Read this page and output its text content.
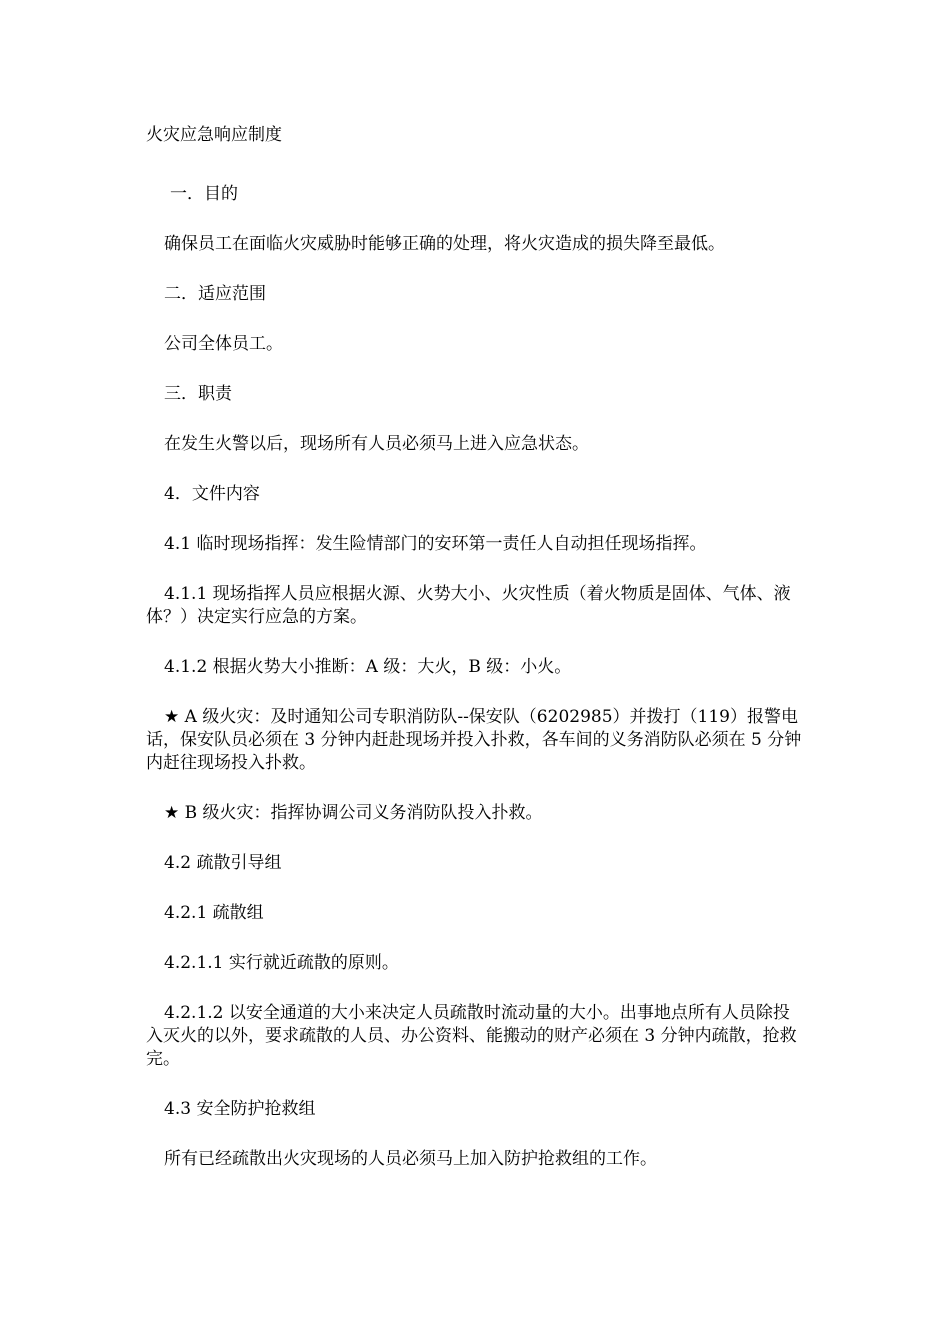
火灾应急响应制度

一．目的

确保员工在面临火灾威胁时能够正确的处理，将火灾造成的损失降至最低。

二．适应范围

公司全体员工。

三．职责

在发生火警以后，现场所有人员必须马上进入应急状态。

4．文件内容

4.1 临时现场指挥：发生险情部门的安环第一责任人自动担任现场指挥。

4.1.1 现场指挥人员应根据火源、火势大小、火灾性质（着火物质是固体、气体、液体？）决定实行应急的方案。

4.1.2 根据火势大小推断：A 级：大火，B 级：小火。

★ A 级火灾：及时通知公司专职消防队--保安队（6202985）并拨打（119）报警电话，保安队员必须在 3 分钟内赶赴现场并投入扑救，各车间的义务消防队必须在 5 分钟内赶往现场投入扑救。

★ B 级火灾：指挥协调公司义务消防队投入扑救。

4.2 疏散引导组

4.2.1 疏散组

4.2.1.1 实行就近疏散的原则。

4.2.1.2 以安全通道的大小来决定人员疏散时流动量的大小。出事地点所有人员除投入灭火的以外，要求疏散的人员、办公资料、能搬动的财产必须在 3 分钟内疏散，抢救完。

4.3 安全防护抢救组

所有已经疏散出火灾现场的人员必须马上加入防护抢救组的工作。
